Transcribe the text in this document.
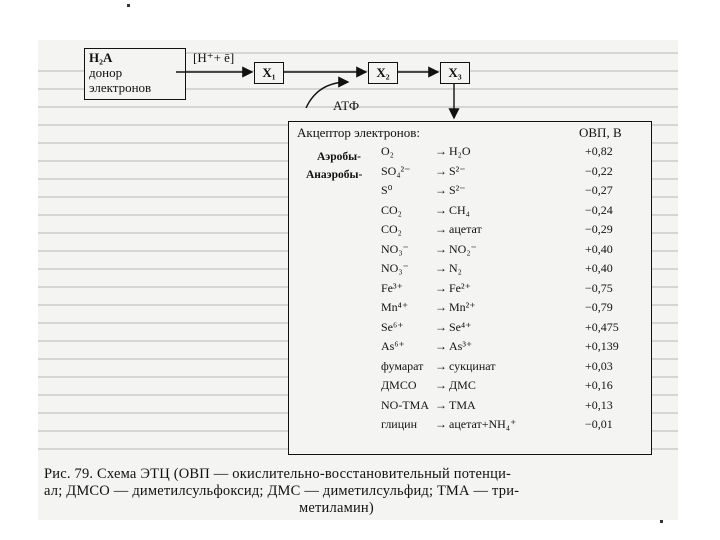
H₂A
донор
электронов
[H⁺+ ē]
X₁	X₂	X₃
АТФ
Акцептор электронов:	ОВП, В
O₂	→ H₂O	+0,82
SO₄²⁻ → S²⁻	−0,22
S⁰	→ S²⁻	−0,27
CO₂	→ CH₄	−0,24
CO₂	→ ацетат	−0,29
NO₃⁻ → NO₂⁻	+0,40
NO₃⁻ → N₂	+0,40
Fe³⁺	→ Fe²⁺	−0,75
Mn⁴⁺ → Mn²⁺	−0,79
Se⁶⁺	→ Se⁴⁺	+0,475
As⁶⁺	→ As³⁺	+0,139
фумарат → сукцинат	+0,03
ДМСО → ДМС	+0,16
NO-TMA → TMA	+0,13
глицин → ацетат+NH₄⁺	−0,01
Аэробы-
Анаэробы-
Рис. 79. Схема ЭТЦ (ОВП — окислительно-восстановительный потенци-
ал; ДМСО — диметилсульфоксид; ДМС — диметилсульфид; ТМА — три-
метиламин)
